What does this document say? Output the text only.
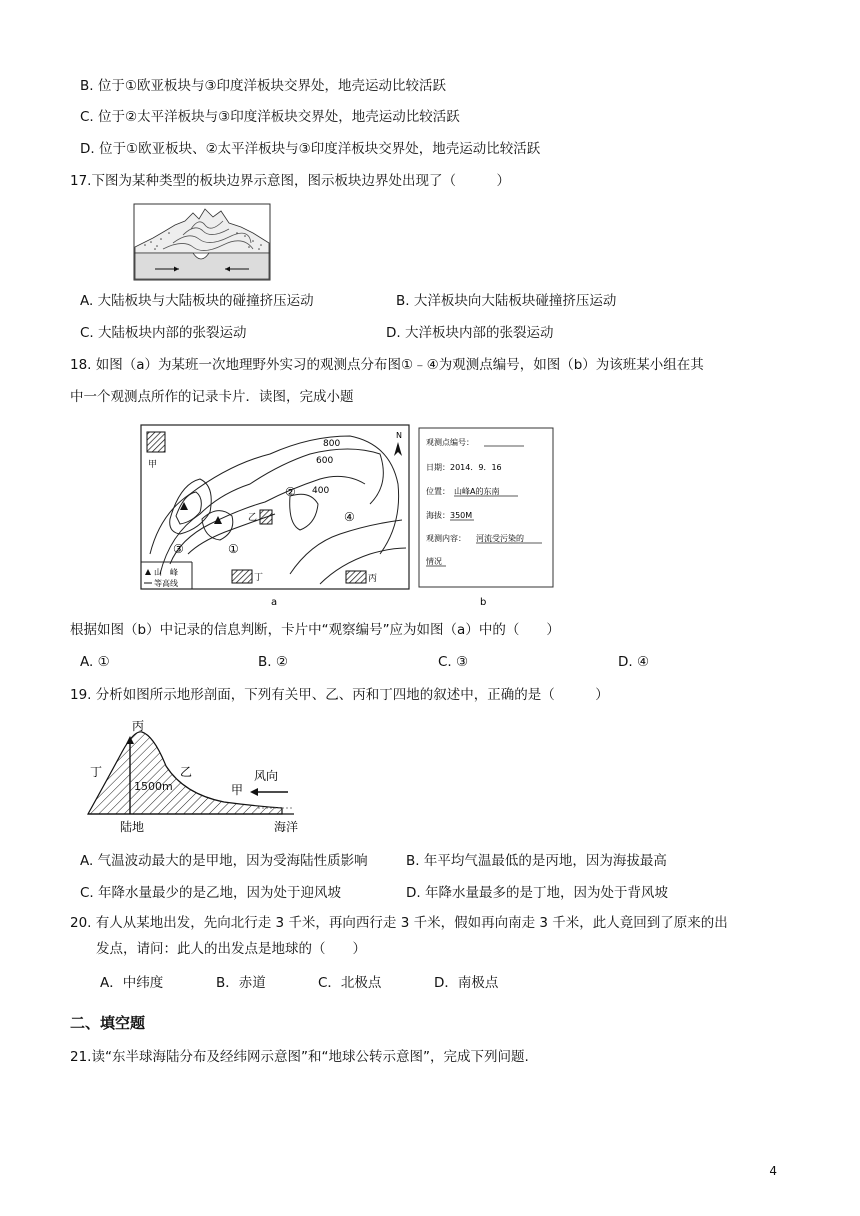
B. 位于①欧亚板块与③印度洋板块交界处，地壳运动比较活跃
C. 位于②太平洋板块与③印度洋板块交界处，地壳运动比较活跃
D. 位于①欧亚板块、②太平洋板块与③印度洋板块交界处，地壳运动比较活跃
17.下图为某种类型的板块边界示意图，图示板块边界处出现了（　　　）
A. 大陆板块与大陆板块的碰撞挤压运动	B. 大洋板块向大陆板块碰撞挤压运动
C. 大陆板块内部的张裂运动	D. 大洋板块内部的张裂运动
18. 如图（a）为某班一次地理野外实习的观测点分布图①﹣④为观测点编号，如图（b）为该班某小组在其
中一个观测点所作的记录卡片．读图，完成小题
800
600
400
N
甲
乙
丁	丙
①
②
③
④
山　峰
等高线
a
观测点编号：
日期：2014．9．16
位置： 山峰A的东南
海拔： 350M
观测内容： 河流受污染的
情况
b
根据如图（b）中记录的信息判断，卡片中“观察编号”应为如图（a）中的（　　）
A. ①	B. ②	C. ③	D. ④
19. 分析如图所示地形剖面，下列有关甲、乙、丙和丁四地的叙述中，正确的是（　　　）
丙
丁	乙
1500m	甲
风向
陆地	海洋
A. 气温波动最大的是甲地，因为受海陆性质影响	B. 年平均气温最低的是丙地，因为海拔最高
C. 年降水量最少的是乙地，因为处于迎风坡	D. 年降水量最多的是丁地，因为处于背风坡
20. 有人从某地出发，先向北行走 3 千米，再向西行走 3 千米，假如再向南走 3 千米，此人竟回到了原来的出
发点，请问：此人的出发点是地球的（　　）
A．中纬度	B．赤道	C．北极点	D．南极点
二、填空题
21.读“东半球海陆分布及经纬网示意图”和“地球公转示意图”，完成下列问题.
4
